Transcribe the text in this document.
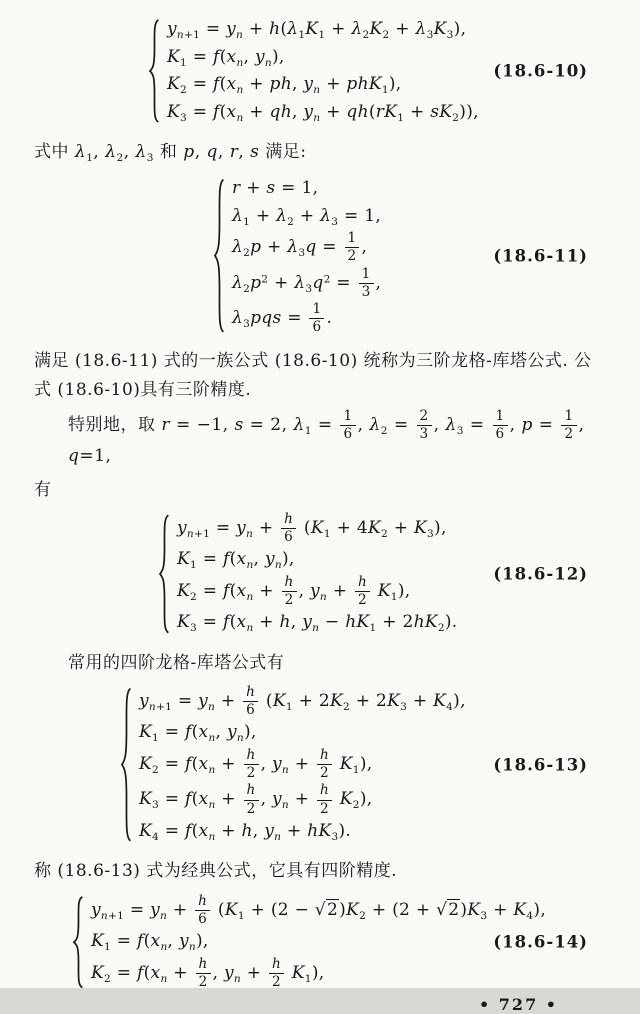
$y_{n+1} = y_n + h(\lambda_1K_1 + \lambda_2K_2 + \lambda_3K_3)$,
$K_1 = f(x_n$, $y_n$),
$K_2 = f(x_n$ + ph, $y_n + phK_1$),
$K_3 = f(x_n$ + qh, $y_n + qh(rK_1 + sK_2)$),
(18.6-10)

式中 $\lambda_1$, $\lambda_2$, $\lambda_3$ 和 p, q, r, s 满足:

r + s = 1,
$\lambda_1 + \lambda_2 + \lambda_3 = 1$,
$\lambda_2p + \lambda_3q = \frac{1}{2}$ ,
$\lambda_2p^2 + \lambda_3q^2 = \frac{1}{3}$ ,
$\lambda_3pqs = \frac{1}{6}$ .
(18.6-11)

满足 (18.6-11) 式的一族公式 (18.6-10) 统称为三阶龙格-库塔公式. 公式 (18.6-10)具有三阶精度.

特别地，取 r = −1, s = 2, $\lambda_1 = \frac{1}{6}$ , $\lambda_2 = \frac{2}{3}$ , $\lambda_3 = \frac{1}{6}$ , $p = \frac{1}{2}$ , q=1,

有

$y_{n+1} = y_n + \frac{h}{6} (K_1 + 4K_2 + K_3)$,
$K_1 = f(x_n$, $y_n$),
$K_2 = f(x_n + \frac{h}{2}$ , $y_n + \frac{h}{2} K_1$),
$K_3 = f(x_n + h$, $y_n - hK_1 + 2hK_2$).
(18.6-12)

常用的四阶龙格-库塔公式有

$y_{n+1} = y_n + \frac{h}{6} (K_1 + 2K_2 + 2K_3 + K_4)$,
$K_1 = f(x_n$, $y_n$),
$K_2 = f(x_n + \frac{h}{2}$ , $y_n + \frac{h}{2} K_1$),
$K_3 = f(x_n + \frac{h}{2}$ , $y_n + \frac{h}{2} K_2$),
$K_4 = f(x_n + h$, $y_n + hK_3$).
(18.6-13)

称 (18.6-13) 式为经典公式，它具有四阶精度.

$y_{n+1} = y_n + \frac{h}{6} (K_1 + (2 - √2)K_2 + (2 + √2)K_3 + K_4)$,
$K_1 = f(x_n$, $y_n$),
$K_2 = f(x_n + \frac{h}{2}$ , $y_n + \frac{h}{2} K_1$),
(18.6-14)
• 727 •
